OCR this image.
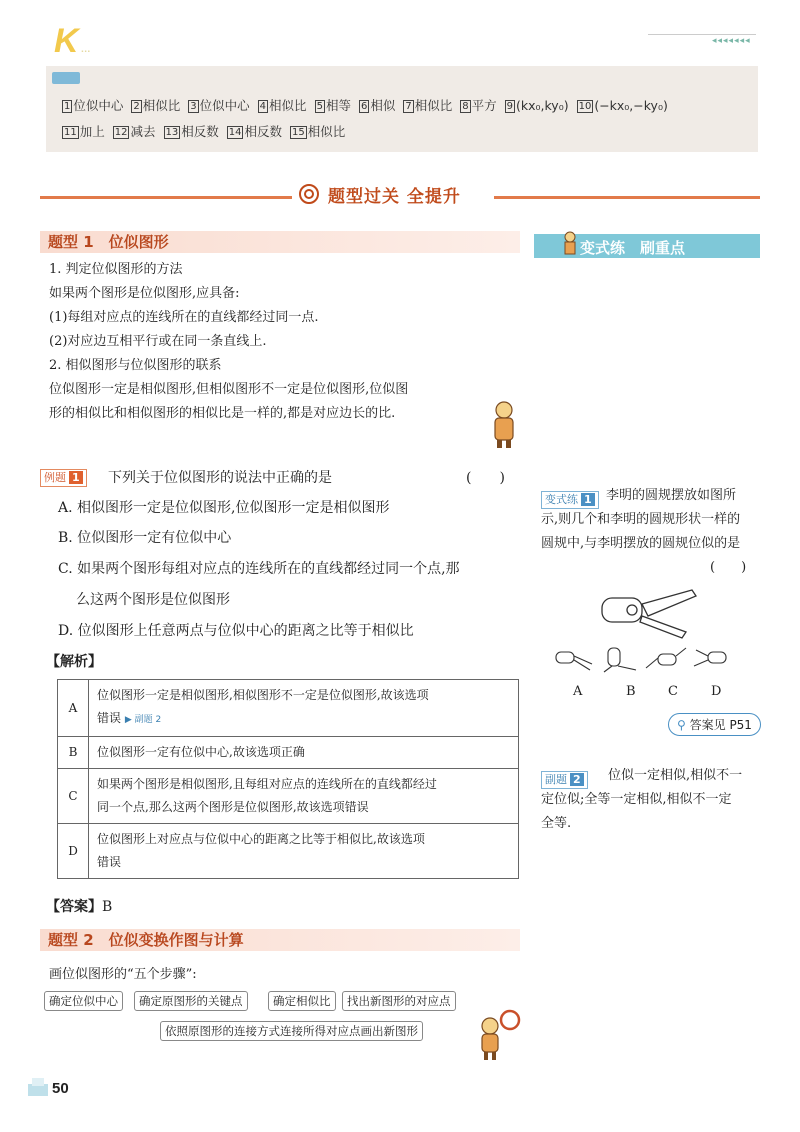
K …
◂◂◂◂◂◂◂
1 位似中心 2 相似比 3 位似中心 4 相似比 5 相等 6 相似 7 相似比 8 平方 9 (kx₀,ky₀) 10 (−kx₀,−ky₀)
11 加上 12 减去 13 相反数 14 相反数 15 相似比
题型过关 全提升
题型 1　位似图形
1. 判定位似图形的方法
如果两个图形是位似图形,应具备:
(1)每组对应点的连线所在的直线都经过同一点.
(2)对应边互相平行或在同一条直线上.
2. 相似图形与位似图形的联系
位似图形一定是相似图形,但相似图形不一定是位似图形,位似图
形的相似比和相似图形的相似比是一样的,都是对应边长的比.
例题 1	下列关于位似图形的说法中正确的是	(　　)
A. 相似图形一定是位似图形,位似图形一定是相似图形
B. 位似图形一定有位似中心
C. 如果两个图形每组对应点的连线所在的直线都经过同一个点,那
么这两个图形是位似图形
D. 位似图形上任意两点与位似中心的距离之比等于相似比
【解析】
A	位似图形一定是相似图形,相似图形不一定是位似图形,故该选项
错误 ▶ 副题 2

B	位似图形一定有位似中心,故该选项正确

C	如果两个图形是相似图形,且每组对应点的连线所在的直线都经过
同一个点,那么这两个图形是位似图形,故该选项错误

D	位似图形上对应点与位似中心的距离之比等于相似比,故该选项
错误
【答案】B
题型 2　位似变换作图与计算
画位似图形的“五个步骤”:
确定位似中心	确定原图形的关键点	确定相似比	找出新图形的对应点
依照原图形的连接方式连接所得对应点画出新图形
变式练　刷重点
变式练 1	李明的圆规摆放如图所
示,则几个和李明的圆规形状一样的
圆规中,与李明摆放的圆规位似的是
(　　)
A	B C	D
⚲ 答案见 P51
副题 2	位似一定相似,相似不一
定位似;全等一定相似,相似不一定
全等.
50
